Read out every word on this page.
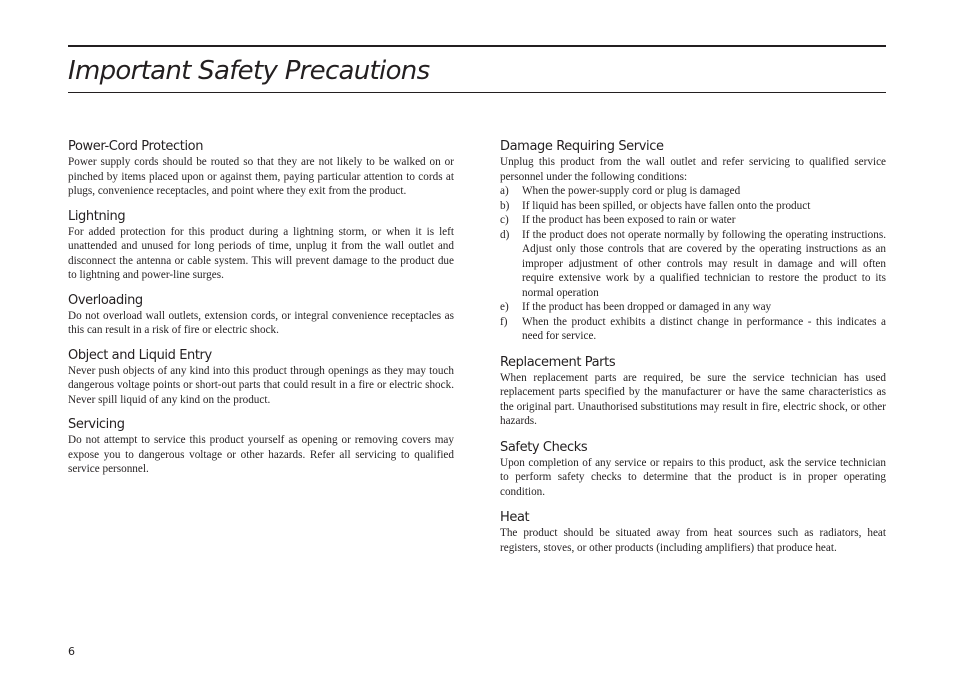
Important Safety Precautions
Power-Cord Protection

Power supply cords should be routed so that they are not likely to be walked on or pinched by items placed upon or against them, paying particular attention to cords at plugs, convenience receptacles, and point where they exit from the product.

Lightning

For added protection for this product during a lightning storm, or when it is left unattended and unused for long periods of time, unplug it from the wall outlet and disconnect the antenna or cable system. This will prevent damage to the product due to lightning and power-line surges.

Overloading

Do not overload wall outlets, extension cords, or integral convenience receptacles as this can result in a risk of fire or electric shock.

Object and Liquid Entry

Never push objects of any kind into this product through openings as they may touch dangerous voltage points or short-out parts that could result in a fire or electric shock. Never spill liquid of any kind on the product.

Servicing

Do not attempt to service this product yourself as opening or removing covers may expose you to dangerous voltage or other hazards. Refer all servicing to qualified service personnel.

Damage Requiring Service

Unplug this product from the wall outlet and refer servicing to qualified service personnel under the following conditions:

a)	When the power-supply cord or plug is damaged
b)	If liquid has been spilled, or objects have fallen onto the product
c)	If the product has been exposed to rain or water
d)	If the product does not operate normally by following the operating instructions. Adjust only those controls that are covered by the operating instructions as an improper adjustment of other controls may result in damage and will often require extensive work by a qualified technician to restore the product to its normal operation
e)	If the product has been dropped or damaged in any way
f)	When the product exhibits a distinct change in performance - this indicates a need for service.
Replacement Parts

When replacement parts are required, be sure the service technician has used replacement parts specified by the manufacturer or have the same characteristics as the original part. Unauthorised substitutions may result in fire, electric shock, or other hazards.

Safety Checks

Upon completion of any service or repairs to this product, ask the service technician to perform safety checks to determine that the product is in proper operating condition.

Heat

The product should be situated away from heat sources such as radiators, heat registers, stoves, or other products (including amplifiers) that produce heat.

6
